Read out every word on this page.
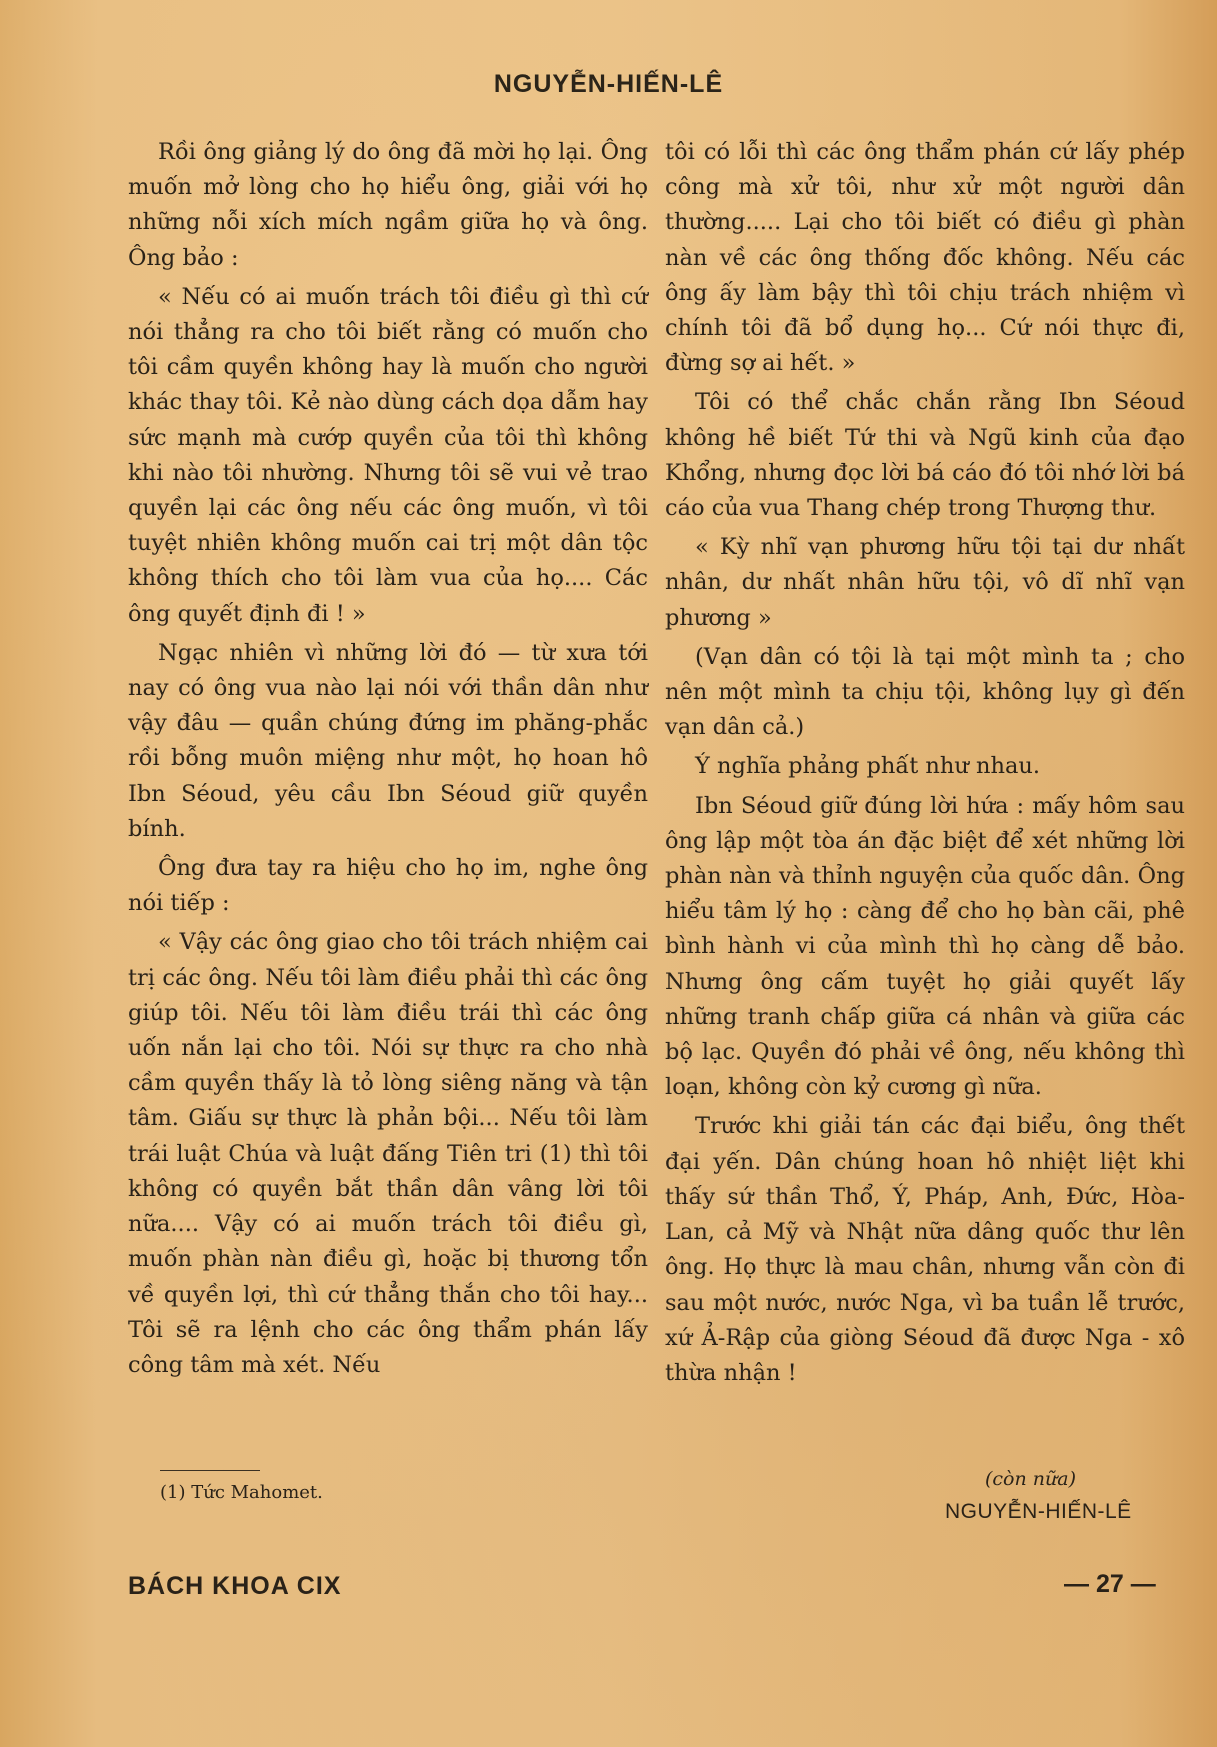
NGUYỄN-HIẾN-LÊ

Rồi ông giảng lý do ông đã mời họ lại. Ông muốn mở lòng cho họ hiểu ông, giải với họ những nỗi xích mích ngầm giữa họ và ông. Ông bảo :

« Nếu có ai muốn trách tôi điều gì thì cứ nói thẳng ra cho tôi biết rằng có muốn cho tôi cầm quyền không hay là muốn cho người khác thay tôi. Kẻ nào dùng cách dọa dẫm hay sức mạnh mà cướp quyền của tôi thì không khi nào tôi nhường. Nhưng tôi sẽ vui vẻ trao quyền lại các ông nếu các ông muốn, vì tôi tuyệt nhiên không muốn cai trị một dân tộc không thích cho tôi làm vua của họ.... Các ông quyết định đi ! »

Ngạc nhiên vì những lời đó — từ xưa tới nay có ông vua nào lại nói với thần dân như vậy đâu — quần chúng đứng im phăng-phắc rồi bỗng muôn miệng như một, họ hoan hô Ibn Séoud, yêu cầu Ibn Séoud giữ quyền bính.

Ông đưa tay ra hiệu cho họ im, nghe ông nói tiếp :

« Vậy các ông giao cho tôi trách nhiệm cai trị các ông. Nếu tôi làm điều phải thì các ông giúp tôi. Nếu tôi làm điều trái thì các ông uốn nắn lại cho tôi. Nói sự thực ra cho nhà cầm quyền thấy là tỏ lòng siêng năng và tận tâm. Giấu sự thực là phản bội... Nếu tôi làm trái luật Chúa và luật đấng Tiên tri (1) thì tôi không có quyền bắt thần dân vâng lời tôi nữa.... Vậy có ai muốn trách tôi điều gì, muốn phàn nàn điều gì, hoặc bị thương tổn về quyền lợi, thì cứ thẳng thắn cho tôi hay... Tôi sẽ ra lệnh cho các ông thẩm phán lấy công tâm mà xét. Nếu

tôi có lỗi thì các ông thẩm phán cứ lấy phép công mà xử tôi, như xử một người dân thường..... Lại cho tôi biết có điều gì phàn nàn về các ông thống đốc không. Nếu các ông ấy làm bậy thì tôi chịu trách nhiệm vì chính tôi đã bổ dụng họ... Cứ nói thực đi, đừng sợ ai hết. »

Tôi có thể chắc chắn rằng Ibn Séoud không hề biết Tứ thi và Ngũ kinh của đạo Khổng, nhưng đọc lời bá cáo đó tôi nhớ lời bá cáo của vua Thang chép trong Thượng thư.

« Kỳ nhĩ vạn phương hữu tội tại dư nhất nhân, dư nhất nhân hữu tội, vô dĩ nhĩ vạn phương »

(Vạn dân có tội là tại một mình ta ; cho nên một mình ta chịu tội, không lụy gì đến vạn dân cả.)

Ý nghĩa phảng phất như nhau.

Ibn Séoud giữ đúng lời hứa : mấy hôm sau ông lập một tòa án đặc biệt để xét những lời phàn nàn và thỉnh nguyện của quốc dân. Ông hiểu tâm lý họ : càng để cho họ bàn cãi, phê bình hành vi của mình thì họ càng dễ bảo. Nhưng ông cấm tuyệt họ giải quyết lấy những tranh chấp giữa cá nhân và giữa các bộ lạc. Quyền đó phải về ông, nếu không thì loạn, không còn kỷ cương gì nữa.

Trước khi giải tán các đại biểu, ông thết đại yến. Dân chúng hoan hô nhiệt liệt khi thấy sứ thần Thổ, Ý, Pháp, Anh, Đức, Hòa-Lan, cả Mỹ và Nhật nữa dâng quốc thư lên ông. Họ thực là mau chân, nhưng vẫn còn đi sau một nước, nước Nga, vì ba tuần lễ trước, xứ Ả-Rập của giòng Séoud đã được Nga - xô thừa nhận !

(1) Tức Mahomet.
(còn nữa)
NGUYỄN-HIẾN-LÊ
BÁCH KHOA CIX	— 27 —
